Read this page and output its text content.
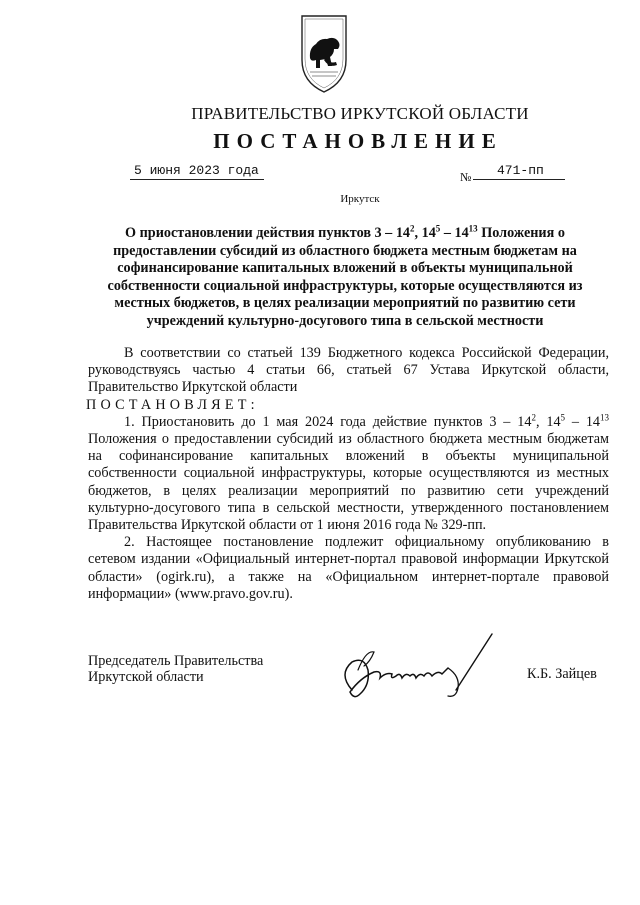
ПРАВИТЕЛЬСТВО ИРКУТСКОЙ ОБЛАСТИ
ПОСТАНОВЛЕНИЕ
5 июня 2023 года	№	471-пп
Иркутск
О приостановлении действия пунктов $3 - 14^2$, $14^5 - 14^{13}$ Положения о предоставлении субсидий из областного бюджета местным бюджетам на софинансирование капитальных вложений в объекты муниципальной собственности социальной инфраструктуры, которые осуществляются из местных бюджетов, в целях реализации мероприятий по развитию сети учреждений культурно-досугового типа в сельской местности

В соответствии со статьей 139 Бюджетного кодекса Российской Федерации, руководствуясь частью 4 статьи 66, статьей 67 Устава Иркутской области, Правительство Иркутской области

ПОСТАНОВЛЯЕТ:

1. Приостановить до 1 мая 2024 года действие пунктов $3 - 14^2$, $14^5 - 14^{13}$ Положения о предоставлении субсидий из областного бюджета местным бюджетам на софинансирование капитальных вложений в объекты муниципальной собственности социальной инфраструктуры, которые осуществляются из местных бюджетов, в целях реализации мероприятий по развитию сети учреждений культурно-досугового типа в сельской местности, утвержденного постановлением Правительства Иркутской области от 1 июня 2016 года № 329-пп.

2. Настоящее постановление подлежит официальному опубликованию в сетевом издании «Официальный интернет-портал правовой информации Иркутской области» (ogirk.ru), а также на «Официальном интернет-портале правовой информации» (www.pravo.gov.ru).

Председатель Правительства
Иркутской области	К.Б. Зайцев
